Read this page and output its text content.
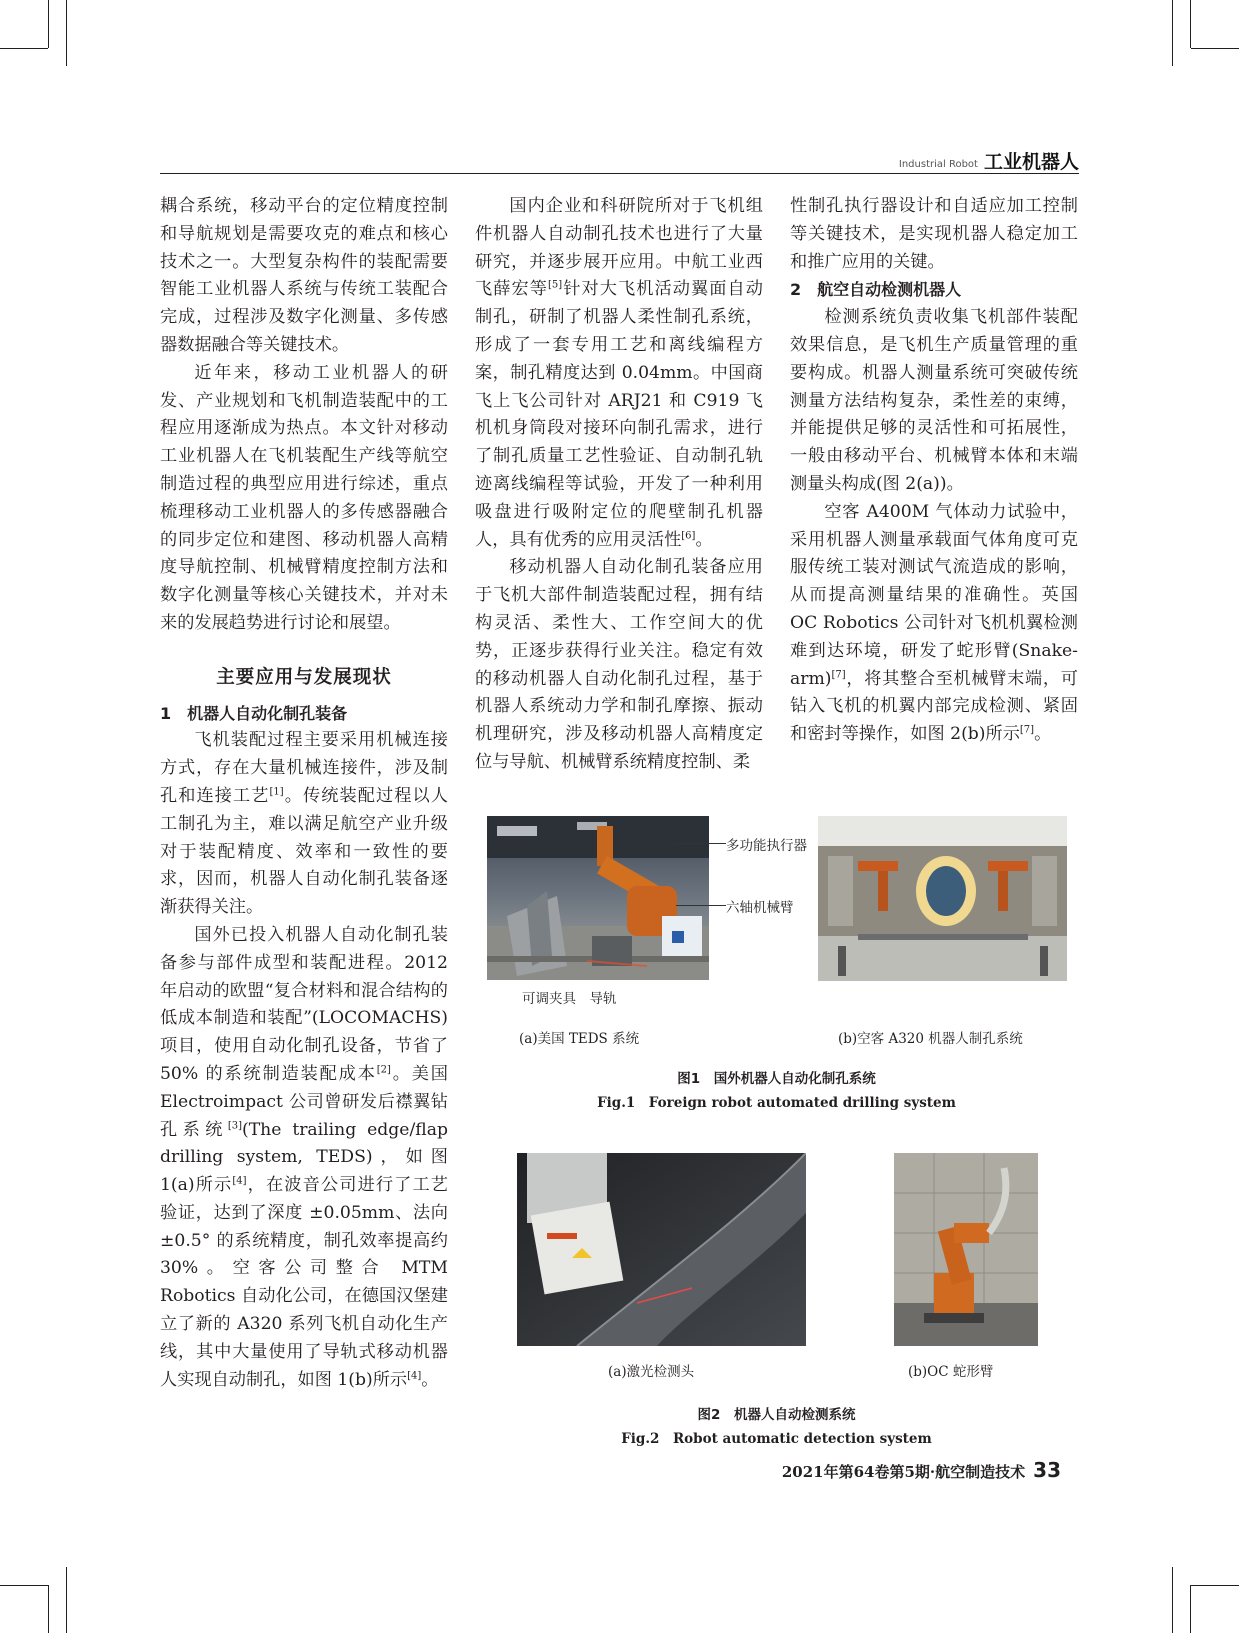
Industrial Robot 工业机器人

耦合系统，移动平台的定位精度控制和导航规划是需要攻克的难点和核心技术之一。大型复杂构件的装配需要智能工业机器人系统与传统工装配合完成，过程涉及数字化测量、多传感器数据融合等关键技术。

近年来，移动工业机器人的研发、产业规划和飞机制造装配中的工程应用逐渐成为热点。本文针对移动工业机器人在飞机装配生产线等航空制造过程的典型应用进行综述，重点梳理移动工业机器人的多传感器融合的同步定位和建图、移动机器人高精度导航控制、机械臂精度控制方法和数字化测量等核心关键技术，并对未来的发展趋势进行讨论和展望。

主要应用与发展现状

1　机器人自动化制孔装备

飞机装配过程主要采用机械连接方式，存在大量机械连接件，涉及制孔和连接工艺[1]。传统装配过程以人工制孔为主，难以满足航空产业升级对于装配精度、效率和一致性的要求，因而，机器人自动化制孔装备逐渐获得关注。

国外已投入机器人自动化制孔装备参与部件成型和装配进程。2012 年启动的欧盟“复合材料和混合结构的低成本制造和装配”(LOCOMACHS)项目，使用自动化制孔设备，节省了 50% 的系统制造装配成本[2]。美国 Electroimpact 公司曾研发后襟翼钻孔系统[3](The trailing edge/flap drilling system, TEDS)，如图 1(a)所示[4]，在波音公司进行了工艺验证，达到了深度 ±0.05mm、法向 ±0.5° 的系统精度，制孔效率提高约 30%。空客公司整合 MTM Robotics 自动化公司，在德国汉堡建立了新的 A320 系列飞机自动化生产线，其中大量使用了导轨式移动机器人实现自动制孔，如图 1(b)所示[4]。

国内企业和科研院所对于飞机组件机器人自动制孔技术也进行了大量研究，并逐步展开应用。中航工业西飞薛宏等[5]针对大飞机活动翼面自动制孔，研制了机器人柔性制孔系统，形成了一套专用工艺和离线编程方案，制孔精度达到 0.04mm。中国商飞上飞公司针对 ARJ21 和 C919 飞机机身筒段对接环向制孔需求，进行了制孔质量工艺性验证、自动制孔轨迹离线编程等试验，开发了一种利用吸盘进行吸附定位的爬壁制孔机器人，具有优秀的应用灵活性[6]。

移动机器人自动化制孔装备应用于飞机大部件制造装配过程，拥有结构灵活、柔性大、工作空间大的优势，正逐步获得行业关注。稳定有效的移动机器人自动化制孔过程，基于机器人系统动力学和制孔摩擦、振动机理研究，涉及移动机器人高精度定位与导航、机械臂系统精度控制、柔

性制孔执行器设计和自适应加工控制等关键技术，是实现机器人稳定加工和推广应用的关键。

2　航空自动检测机器人

检测系统负责收集飞机部件装配效果信息，是飞机生产质量管理的重要构成。机器人测量系统可突破传统测量方法结构复杂，柔性差的束缚，并能提供足够的灵活性和可拓展性，一般由移动平台、机械臂本体和末端测量头构成(图 2(a))。

空客 A400M 气体动力试验中，采用机器人测量承载面气体角度可克服传统工装对测试气流造成的影响，从而提高测量结果的准确性。英国 OC Robotics 公司针对飞机机翼检测难到达环境，研发了蛇形臂(Snake-arm)[7]，将其整合至机械臂末端，可钻入飞机的机翼内部完成检测、紧固和密封等操作，如图 2(b)所示[7]。

多功能执行器
六轴机械臂
可调夹具　导轨
(a)美国 TEDS 系统	(b)空客 A320 机器人制孔系统
图1　国外机器人自动化制孔系统
Fig.1　Foreign robot automated drilling system
(a)激光检测头	(b)OC 蛇形臂
图2　机器人自动检测系统
Fig.2　Robot automatic detection system
2021年第64卷第5期·航空制造技术 33
